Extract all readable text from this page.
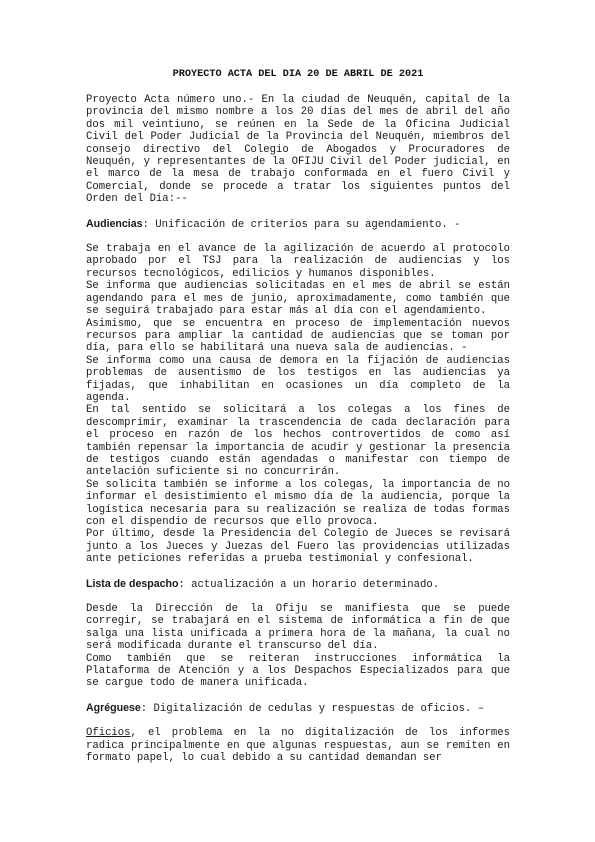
PROYECTO ACTA DEL DIA 20 DE ABRIL DE 2021

Proyecto Acta número uno.- En la ciudad de Neuquén, capital de la provincia del mismo nombre a los 20 días del mes de abril del año dos mil veintiuno, se reúnen en la Sede de la Oficina Judicial Civil del Poder Judicial de la Provincia del Neuquén, miembros del consejo directivo del Colegio de Abogados y Procuradores de Neuquén, y representantes de la OFIJU Civil del Poder judicial, en el marco de la mesa de trabajo conformada en el fuero Civil y Comercial, donde se procede a tratar los siguientes puntos del Orden del Día:--

Audiencias: Unificación de criterios para su agendamiento. -

Se trabaja en el avance de la agilización de acuerdo al protocolo aprobado por el TSJ para la realización de audiencias y los recursos tecnológicos, edilicios y humanos disponibles.

Se informa que audiencias solicitadas en el mes de abril se están agendando para el mes de junio, aproximadamente, como también que se seguirá trabajado para estar más al día con el agendamiento.

Asimismo, que se encuentra en proceso de implementación nuevos recursos para ampliar la cantidad de audiencias que se toman por día, para ello se habilitará una nueva sala de audiencias. -

Se informa como una causa de demora en la fijación de audiencias problemas de ausentismo de los testigos en las audiencias ya fijadas, que inhabilitan en ocasiones un día completo de la agenda.

En tal sentido se solicitará a los colegas a los fines de descomprimir, examinar la trascendencia de cada declaración para el proceso en razón de los hechos controvertidos de como así también repensar la importancia de acudir y gestionar la presencia de testigos cuando están agendadas o manifestar con tiempo de antelación suficiente si no concurrirán.

Se solicita también se informe a los colegas, la importancia de no informar el desistimiento el mismo día de la audiencia, porque la logística necesaria para su realización se realiza de todas formas con el dispendio de recursos que ello provoca.

Por último, desde la Presidencia del Colegio de Jueces se revisará junto a los Jueces y Juezas del Fuero las providencias utilizadas ante peticiones referidas a prueba testimonial y confesional.

Lista de despacho: actualización a un horario determinado.

Desde la Dirección de la Ofiju se manifiesta que se puede corregir, se trabajará en el sistema de informática a fin de que salga una lista unificada a primera hora de la mañana, la cual no será modificada durante el transcurso del día.

Como también que se reiteran instrucciones informática la Plataforma de Atención y a los Despachos Especializados para que se cargue todo de manera unificada.

Agréguese: Digitalización de cedulas y respuestas de oficios. –

Oficios, el problema en la no digitalización de los informes radica principalmente en que algunas respuestas, aun se remiten en formato papel, lo cual debido a su cantidad demandan ser
